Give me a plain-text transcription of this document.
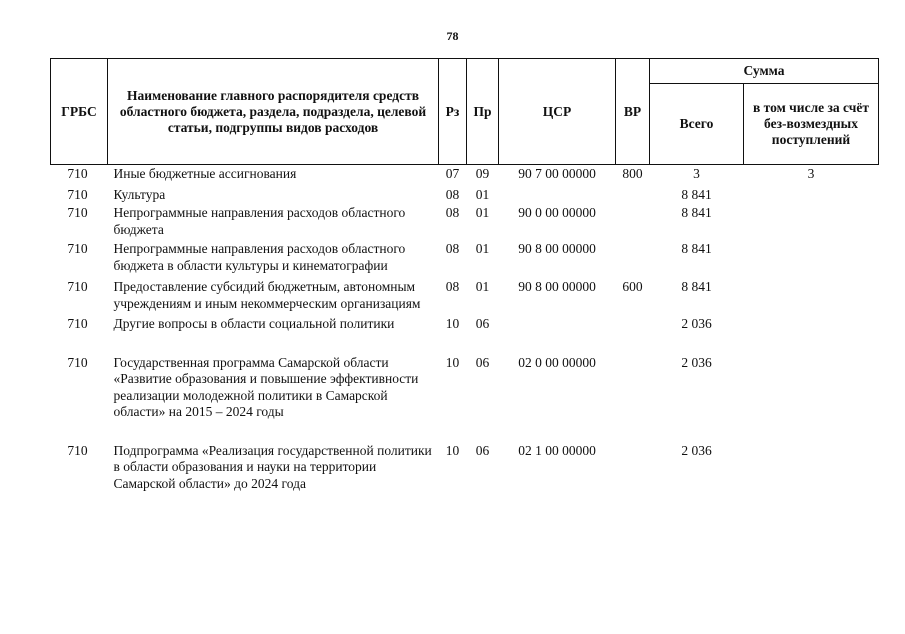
78
ГРБС	Наименование главного распорядителя средств областного бюджета, раздела, подраздела, целевой статьи, подгруппы видов расходов	Рз	Пр	ЦСР	ВР	Сумма	
						Всего	в том числе за счёт без-возмездных поступлений
710	Иные бюджетные ассигнования	07	09	90 7 00 00000	800	3	3
710	Культура	08	01			8 841	
710	Непрограммные направления расходов областного бюджета	08	01	90 0 00 00000		8 841	
710	Непрограммные направления расходов областного бюджета в области культуры и кинематографии	08	01	90 8 00 00000		8 841	
710	Предоставление субсидий бюджетным, автономным учреждениям и иным некоммерческим организациям	08	01	90 8 00 00000	600	8 841	
710	Другие вопросы в области социальной политики	10	06			2 036	
710	Государственная программа Самарской области «Развитие образования и повышение эффективности реализации молодежной политики в Самарской области» на 2015 – 2024 годы	10	06	02 0 00 00000		2 036	
710	Подпрограмма «Реализация государственной политики в области образования и науки на территории Самарской области» до 2024 года	10	06	02 1 00 00000		2 036	
